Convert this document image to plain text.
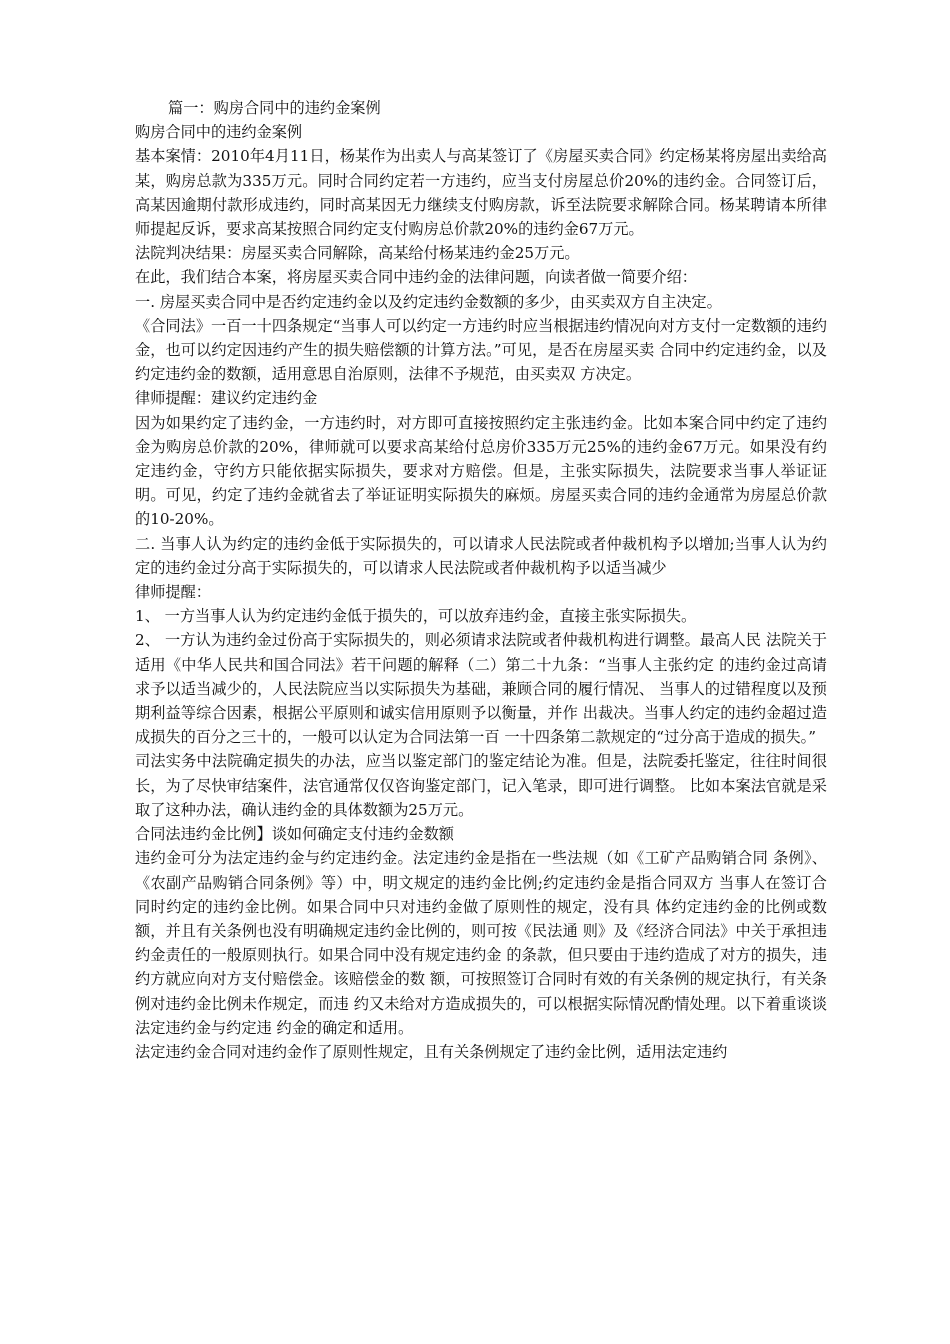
篇一：购房合同中的违约金案例

购房合同中的违约金案例

基本案情：2010年4月11日，杨某作为出卖人与高某签订了《房屋买卖合同》约定杨某将房屋出卖给高某，购房总款为335万元。同时合同约定若一方违约，应当支付房屋总价20%的违约金。合同签订后，高某因逾期付款形成违约，同时高某因无力继续支付购房款，诉至法院要求解除合同。杨某聘请本所律师提起反诉，要求高某按照合同约定支付购房总价款20%的违约金67万元。

法院判决结果：房屋买卖合同解除，高某给付杨某违约金25万元。

在此，我们结合本案，将房屋买卖合同中违约金的法律问题，向读者做一简要介绍：

一. 房屋买卖合同中是否约定违约金以及约定违约金数额的多少，由买卖双方自主决定。

《合同法》一百一十四条规定“当事人可以约定一方违约时应当根据违约情况向对方支付一定数额的违约金，也可以约定因违约产生的损失赔偿额的计算方法。”可见，是否在房屋买卖 合同中约定违约金，以及约定违约金的数额，适用意思自治原则，法律不予规范，由买卖双 方决定。

律师提醒：建议约定违约金

因为如果约定了违约金，一方违约时，对方即可直接按照约定主张违约金。比如本案合同中约定了违约金为购房总价款的20%，律师就可以要求高某给付总房价335万元25%的违约金67万元。如果没有约定违约金，守约方只能依据实际损失，要求对方赔偿。但是，主张实际损失，法院要求当事人举证证明。可见，约定了违约金就省去了举证证明实际损失的麻烦。房屋买卖合同的违约金通常为房屋总价款的10-20%。

二. 当事人认为约定的违约金低于实际损失的，可以请求人民法院或者仲裁机构予以增加;当事人认为约定的违约金过分高于实际损失的，可以请求人民法院或者仲裁机构予以适当减少

律师提醒：

1、 一方当事人认为约定违约金低于损失的，可以放弃违约金，直接主张实际损失。

2、 一方认为违约金过份高于实际损失的，则必须请求法院或者仲裁机构进行调整。最高人民 法院关于适用《中华人民共和国合同法》若干问题的解释（二）第二十九条：“当事人主张约定 的违约金过高请求予以适当减少的，人民法院应当以实际损失为基础，兼顾合同的履行情况、 当事人的过错程度以及预期利益等综合因素，根据公平原则和诚实信用原则予以衡量，并作 出裁决。当事人约定的违约金超过造成损失的百分之三十的，一般可以认定为合同法第一百 一十四条第二款规定的“过分高于造成的损失。”

司法实务中法院确定损失的办法，应当以鉴定部门的鉴定结论为准。但是，法院委托鉴定，往往时间很长，为了尽快审结案件，法官通常仅仅咨询鉴定部门，记入笔录，即可进行调整。 比如本案法官就是采取了这种办法，确认违约金的具体数额为25万元。

合同法违约金比例】谈如何确定支付违约金数额

违约金可分为法定违约金与约定违约金。法定违约金是指在一些法规（如《工矿产品购销合同 条例》、《农副产品购销合同条例》等）中，明文规定的违约金比例;约定违约金是指合同双方 当事人在签订合同时约定的违约金比例。如果合同中只对违约金做了原则性的规定，没有具 体约定违约金的比例或数额，并且有关条例也没有明确规定违约金比例的，则可按《民法通 则》及《经济合同法》中关于承担违约金责任的一般原则执行。如果合同中没有规定违约金 的条款，但只要由于违约造成了对方的损失，违约方就应向对方支付赔偿金。该赔偿金的数 额，可按照签订合同时有效的有关条例的规定执行，有关条例对违约金比例未作规定，而违 约又未给对方造成损失的，可以根据实际情况酌情处理。以下着重谈谈法定违约金与约定违 约金的确定和适用。

法定违约金合同对违约金作了原则性规定，且有关条例规定了违约金比例，适用法定违约
